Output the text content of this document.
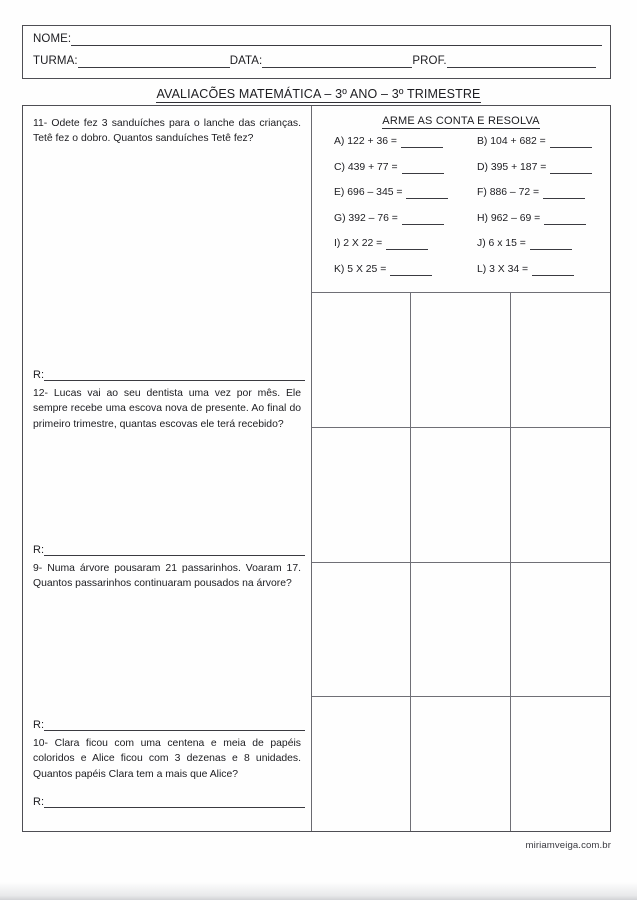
NOME:
TURMA:	DATA:	PROF.
AVALIACÕES MATEMÁTICA – 3º ANO – 3º TRIMESTRE

11- Odete fez 3 sanduíches para o lanche das crianças. Tetê fez o dobro. Quantos sanduíches Tetê fez?

R:

12- Lucas vai ao seu dentista uma vez por mês. Ele sempre recebe uma escova nova de presente. Ao final do primeiro trimestre, quantas escovas ele terá recebido?

R:

9- Numa árvore pousaram 21 passarinhos. Voaram 17. Quantos passarinhos continuaram pousados na árvore?

R:

10- Clara ficou com uma centena e meia de papéis coloridos e Alice ficou com 3 dezenas e 8 unidades. Quantos papéis Clara tem a mais que Alice?

R:
ARME AS CONTA E RESOLVA
A) 122 + 36 =	B) 104 + 682 =
C) 439 + 77 =	D) 395 + 187 =
E) 696 – 345 =	F) 886 – 72 =
G) 392 – 76 =	H) 962 – 69 =
I) 2 X 22 =	J) 6 x 15 =
K) 5 X 25 =	L) 3 X 34 =
miriamveiga.com.br
